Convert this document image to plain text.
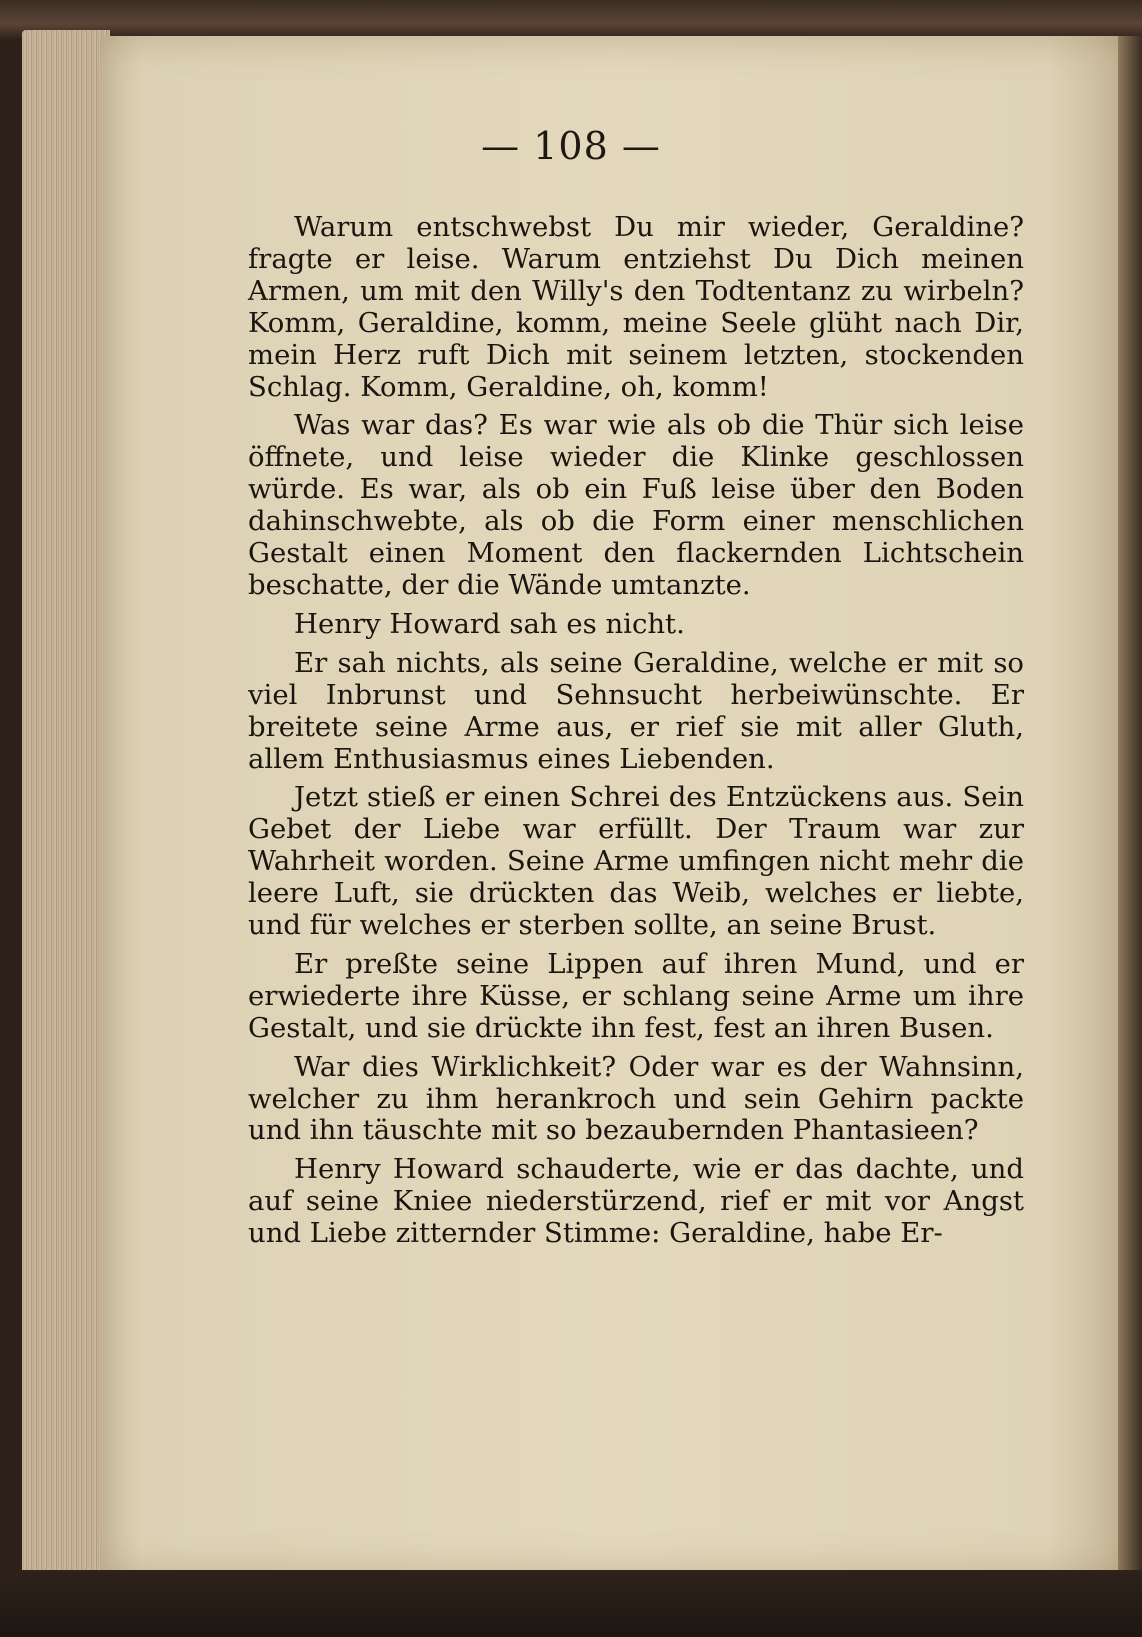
— 108 —

Warum entschwebst Du mir wieder, Geraldine? fragte er leise. Warum entziehst Du Dich meinen Armen, um mit den Willy's den Todtentanz zu wirbeln? Komm, Geraldine, komm, meine Seele glüht nach Dir, mein Herz ruft Dich mit seinem letzten, stockenden Schlag. Komm, Geraldine, oh, komm!

Was war das? Es war wie als ob die Thür sich leise öffnete, und leise wieder die Klinke geschlossen würde. Es war, als ob ein Fuß leise über den Boden dahinschwebte, als ob die Form einer menschlichen Gestalt einen Moment den flackernden Lichtschein beschatte, der die Wände umtanzte.

Henry Howard sah es nicht.

Er sah nichts, als seine Geraldine, welche er mit so viel Inbrunst und Sehnsucht herbeiwünschte. Er breitete seine Arme aus, er rief sie mit aller Gluth, allem Enthusiasmus eines Liebenden.

Jetzt stieß er einen Schrei des Entzückens aus. Sein Gebet der Liebe war erfüllt. Der Traum war zur Wahrheit worden. Seine Arme umfingen nicht mehr die leere Luft, sie drückten das Weib, welches er liebte, und für welches er sterben sollte, an seine Brust.

Er preßte seine Lippen auf ihren Mund, und er erwiederte ihre Küsse, er schlang seine Arme um ihre Gestalt, und sie drückte ihn fest, fest an ihren Busen.

War dies Wirklichkeit? Oder war es der Wahnsinn, welcher zu ihm herankroch und sein Gehirn packte und ihn täuschte mit so bezaubernden Phantasieen?

Henry Howard schauderte, wie er das dachte, und auf seine Kniee niederstürzend, rief er mit vor Angst und Liebe zitternder Stimme: Geraldine, habe Er-
